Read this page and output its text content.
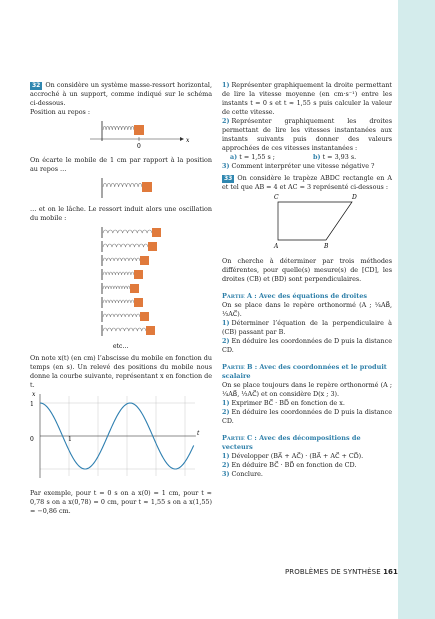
32 On considère un système masse-ressort horizontal, accroché à un support, comme indiqué sur le schéma ci-dessous.

Position au repos :

0
x

On écarte le mobile de 1 cm par rapport à la position au repos …

… et on le lâche. Le ressort induit alors une oscillation du mobile :

etc…

On note x(t) (en cm) l’abscisse du mobile en fonction du temps (en s). Un relevé des positions du mobile nous donne la courbe suivante, représentant x en fonction de t.

x
1
0	1
t

Par exemple, pour t = 0 s on a x(0) = 1 cm, pour t ≈ 0,78 s on a x(0,78) = 0 cm, pour t ≈ 1,55 s on a x(1,55) = −0,86 cm.

1) Représenter graphiquement la droite permettant de lire la vitesse moyenne (en cm·s⁻¹) entre les instants t = 0 s et t ≈ 1,55 s puis calculer la valeur de cette vitesse.

2) Représenter graphiquement les droites permettant de lire les vitesses instantanées aux instants suivants puis donner des valeurs approchées de ces vitesses instantanées :

a) t = 1,55 s ;	b) t = 3,93 s.

3) Comment interpréter une vitesse négative ?

33 On considère le trapèze ABDC rectangle en A et tel que AB = 4 et AC = 3 représenté ci-dessous :

C	D
A	B

On cherche à déterminer par trois méthodes différentes, pour quelle(s) mesure(s) de [CD], les droites (CB) et (BD) sont perpendiculaires.

Partie A : Avec des équations de droites

On se place dans le repère orthonormé (A ; ¼AB⃗, ⅓AC⃗).

1) Déterminer l’équation de la perpendiculaire à (CB) passant par B.

2) En déduire les coordonnées de D puis la distance CD.

Partie B : Avec des coordonnées et le produit scalaire

On se place toujours dans le repère orthonormé (A ; ¼AB⃗, ⅓AC⃗) et on considère D(x ; 3).

1) Exprimer BC⃗ · BD⃗ en fonction de x.

2) En déduire les coordonnées de D puis la distance CD.

Partie C : Avec des décompositions de vecteurs

1) Développer (BA⃗ + AC⃗) · (BA⃗ + AC⃗ + CD⃗).

2) En déduire BC⃗ · BD⃗ en fonction de CD.

3) Conclure.

PROBLÈMES DE SYNTHÈSE 161
